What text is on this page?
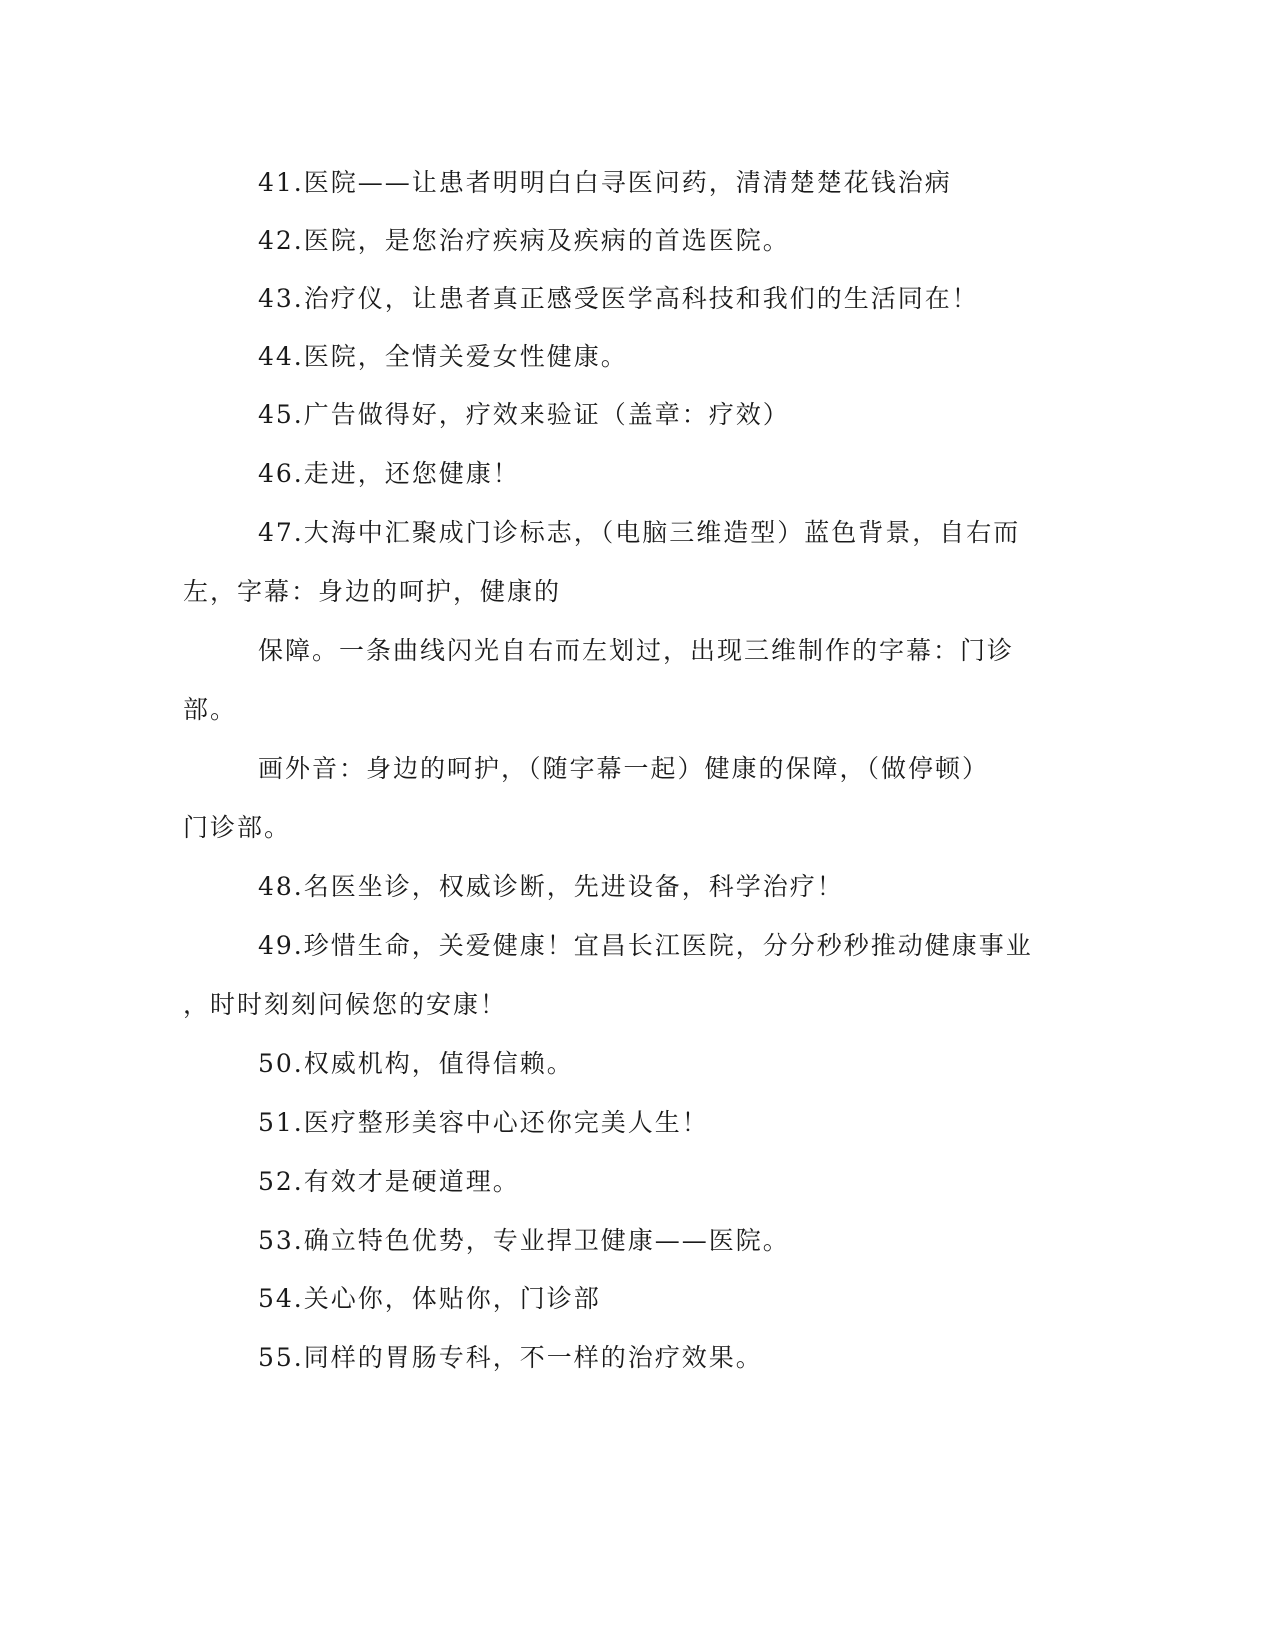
41.医院——让患者明明白白寻医问药，清清楚楚花钱治病
42.医院，是您治疗疾病及疾病的首选医院。
43.治疗仪，让患者真正感受医学高科技和我们的生活同在！
44.医院，全情关爱女性健康。
45.广告做得好，疗效来验证（盖章：疗效）
46.走进，还您健康！
47.大海中汇聚成门诊标志，（电脑三维造型）蓝色背景，自右而
左，字幕：身边的呵护，健康的
保障。一条曲线闪光自右而左划过，出现三维制作的字幕：门诊
部。
画外音：身边的呵护，（随字幕一起）健康的保障，（做停顿）
门诊部。
48.名医坐诊，权威诊断，先进设备，科学治疗！
49.珍惜生命，关爱健康！宜昌长江医院，分分秒秒推动健康事业
，时时刻刻问候您的安康！
50.权威机构，值得信赖。
51.医疗整形美容中心还你完美人生！
52.有效才是硬道理。
53.确立特色优势，专业捍卫健康——医院。
54.关心你，体贴你，门诊部
55.同样的胃肠专科，不一样的治疗效果。
